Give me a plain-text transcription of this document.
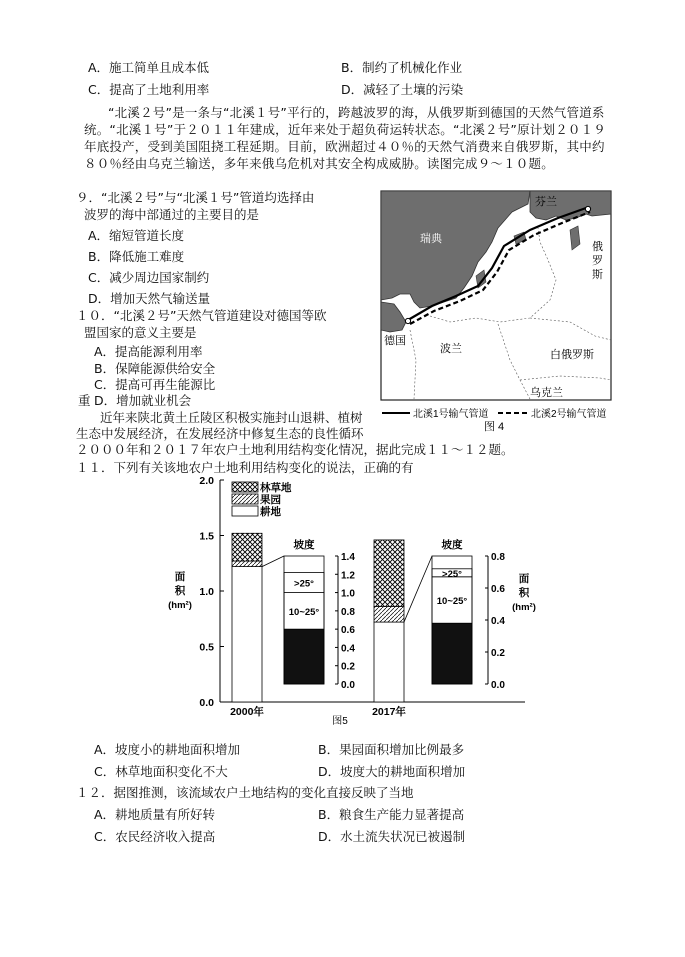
A．施工简单且成本低	B．制约了机械化作业
C．提高了土地利用率	D．减轻了土壤的污染
“北溪２号”是一条与“北溪１号”平行的，跨越波罗的海，从俄罗斯到德国的天然气管道系统。“北溪１号”于２０１１年建成，近年来处于超负荷运转状态。“北溪２号”原计划２０１９年底投产，受到美国阻挠工程延期。目前，欧洲超过４０％的天然气消费来自俄罗斯，其中约８０％经由乌克兰输送，多年来俄乌危机对其安全构成威胁。读图完成９～１０题。
９．“北溪２号”与“北溪１号”管道均选择由
波罗的海中部通过的主要目的是
A．缩短管道长度
B．降低施工难度
C．减少周边国家制约
D．增加天然气输送量
１０．“北溪２号”天然气管道建设对德国等欧
盟国家的意义主要是
A．提高能源利用率
B．保障能源供给安全
C．提高可再生能源比
重 D．增加就业机会
芬兰
瑞典
俄
罗
斯
德国
波兰	白俄罗斯
乌克兰
北溪1号输气管道	北溪2号输气管道
图 4
近年来陕北黄土丘陵区积极实施封山退耕、植树
生态中发展经济，在发展经济中修复生态的良性循环
２０００年和２０１７年农户土地利用结构变化情况，据此完成１１～１２题。
１１．下列有关该地农户土地利用结构变化的说法，正确的有
0.0
0.5
1.0
1.5
2.0
面
积
(hm²)
林草地
果园
耕地
2000年	2017年
图5
坡度
10~25°
>25°
0.0
0.2
0.4
0.6
0.8
1.0
1.2
1.4
坡度
10~25°
>25°
0.0
0.2
0.4
0.6
0.8
面
积
(hm²)
A．坡度小的耕地面积增加	B．果园面积增加比例最多
C．林草地面积变化不大	D．坡度大的耕地面积增加
１２．据图推测，该流域农户土地结构的变化直接反映了当地
A．耕地质量有所好转	B．粮食生产能力显著提高
C．农民经济收入提高	D．水土流失状况已被遏制
